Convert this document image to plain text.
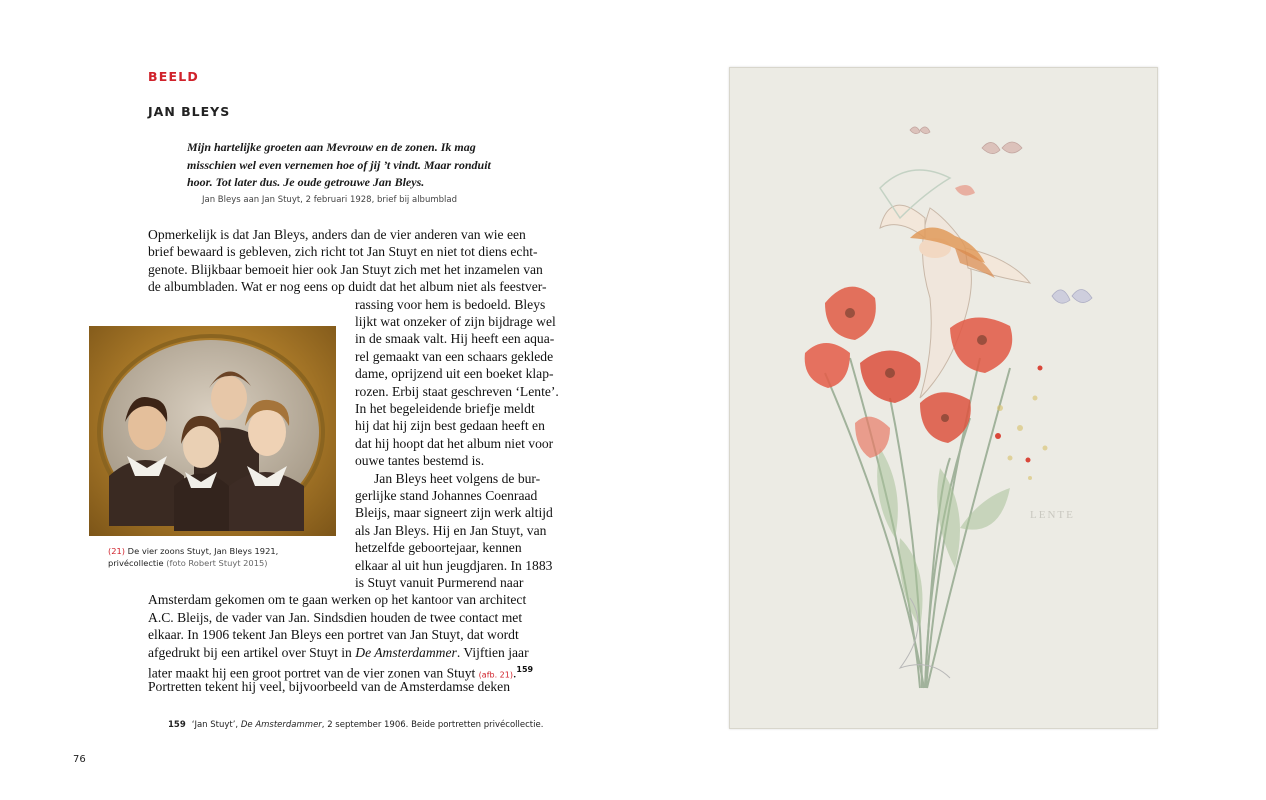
BEELD
JAN BLEYS
Mijn hartelijke groeten aan Mevrouw en de zonen. Ik mag
misschien wel even vernemen hoe of jij ’t vindt. Maar ronduit
hoor. Tot later dus. Je oude getrouwe Jan Bleys.
Jan Bleys aan Jan Stuyt, 2 februari 1928, brief bij albumblad
Opmerkelijk is dat Jan Bleys, anders dan de vier anderen van wie een
brief bewaard is gebleven, zich richt tot Jan Stuyt en niet tot diens echt-
genote. Blijkbaar bemoeit hier ook Jan Stuyt zich met het inzamelen van
de albumbladen. Wat er nog eens op duidt dat het album niet als feestver-
rassing voor hem is bedoeld. Bleys
lijkt wat onzeker of zijn bijdrage wel
in de smaak valt. Hij heeft een aqua-
rel gemaakt van een schaars geklede
dame, oprijzend uit een boeket klap-
rozen. Erbij staat geschreven ‘Lente’.
In het begeleidende briefje meldt
hij dat hij zijn best gedaan heeft en
dat hij hoopt dat het album niet voor
ouwe tantes bestemd is.
Jan Bleys heet volgens de bur-
gerlijke stand Johannes Coenraad
Bleijs, maar signeert zijn werk altijd
als Jan Bleys. Hij en Jan Stuyt, van
hetzelfde geboortejaar, kennen
elkaar al uit hun jeugdjaren. In 1883
is Stuyt vanuit Purmerend naar
Amsterdam gekomen om te gaan werken op het kantoor van architect
A.C. Bleijs, de vader van Jan. Sindsdien houden de twee contact met
elkaar. In 1906 tekent Jan Bleys een portret van Jan Stuyt, dat wordt
afgedrukt bij een artikel over Stuyt in De Amsterdammer. Vijftien jaar
later maakt hij een groot portret van de vier zonen van Stuyt (afb. 21).$^{159}$
Portretten tekent hij veel, bijvoorbeeld van de Amsterdamse deken
(21) De vier zoons Stuyt, Jan Bleys 1921,
privécollectie (foto Robert Stuyt 2015)
159 ‘Jan Stuyt’, De Amsterdammer, 2 september 1906. Beide portretten privécollectie.
76
LENTE
